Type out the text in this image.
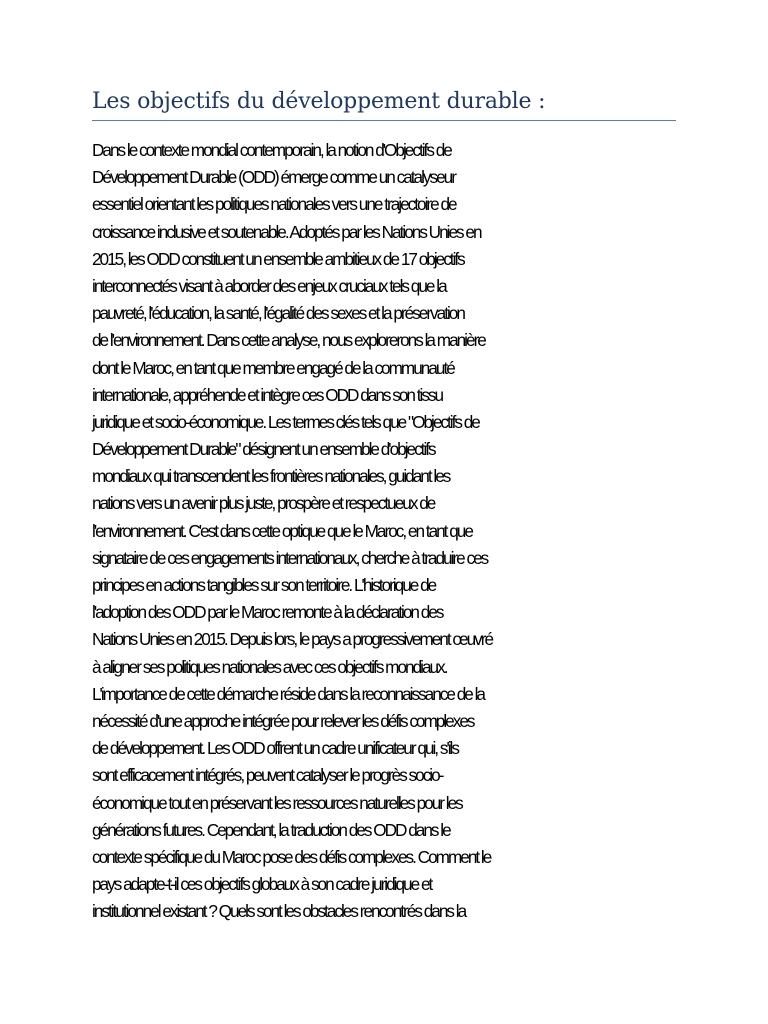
Les objectifs du développement durable :
Dans le contexte mondial contemporain, la notion d'Objectifs de
Développement Durable (ODD) émerge comme un catalyseur
essentiel orientant les politiques nationales vers une trajectoire de
croissance inclusive et soutenable. Adoptés par les Nations Unies en
2015, les ODD constituent un ensemble ambitieux de 17 objectifs
interconnectés visant à aborder des enjeux cruciaux tels que la
pauvreté, l'éducation, la santé, l'égalité des sexes et la préservation
de l'environnement. Dans cette analyse, nous explorerons la manière
dont le Maroc, en tant que membre engagé de la communauté
internationale, appréhende et intègre ces ODD dans son tissu
juridique et socio-économique. Les termes clés tels que "Objectifs de
Développement Durable" désignent un ensemble d'objectifs
mondiaux qui transcendent les frontières nationales, guidant les
nations vers un avenir plus juste, prospère et respectueux de
l'environnement. C'est dans cette optique que le Maroc, en tant que
signataire de ces engagements internationaux, cherche à traduire ces
principes en actions tangibles sur son territoire. L'historique de
l'adoption des ODD par le Maroc remonte à la déclaration des
Nations Unies en 2015. Depuis lors, le pays a progressivement œuvré
à aligner ses politiques nationales avec ces objectifs mondiaux.
L'importance de cette démarche réside dans la reconnaissance de la
nécessité d'une approche intégrée pour relever les défis complexes
de développement. Les ODD offrent un cadre unificateur qui, s'ils
sont efficacement intégrés, peuvent catalyser le progrès socio-
économique tout en préservant les ressources naturelles pour les
générations futures. Cependant, la traduction des ODD dans le
contexte spécifique du Maroc pose des défis complexes. Comment le
pays adapte-t-il ces objectifs globaux à son cadre juridique et
institutionnel existant ? Quels sont les obstacles rencontrés dans la
